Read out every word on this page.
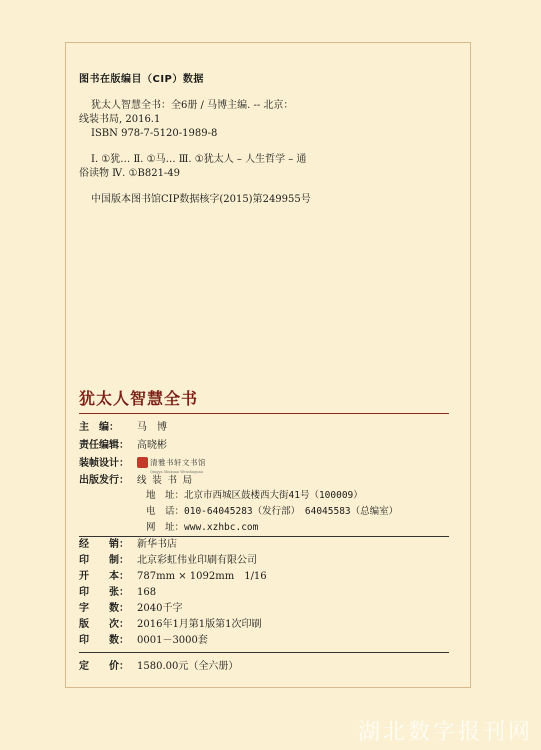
图书在版编目（CIP）数据
犹太人智慧全书：全6册 / 马博主编. -- 北京：
线装书局, 2016.1
ISBN 978-7-5120-1989-8
Ⅰ. ①犹… Ⅱ. ①马… Ⅲ. ①犹太人 – 人生哲学 – 通
俗读物 Ⅳ. ①B821-49
中国版本图书馆CIP数据核字(2015)第249955号
犹太人智慧全书
主　编： 马　博
责任编辑： 高晓彬
装帧设计：	清雅书轩文书馆
Qingya Shuxuan Wenshuguan
出版发行： 线 装 书 局
地　址：北京市西城区鼓楼西大街41号（100009）
电　话：010-64045283（发行部）　64045583（总编室）
网　址：www.xzhbc.com
经　　销： 新华书店
印　　制： 北京彩虹伟业印刷有限公司
开　　本： 787mm × 1092mm　1/16
印　　张： 168
字　　数： 2040千字
版　　次： 2016年1月第1版第1次印刷
印　　数： 0001－3000套
定　　价： 1580.00元（全六册）
湖北数字报刊网
